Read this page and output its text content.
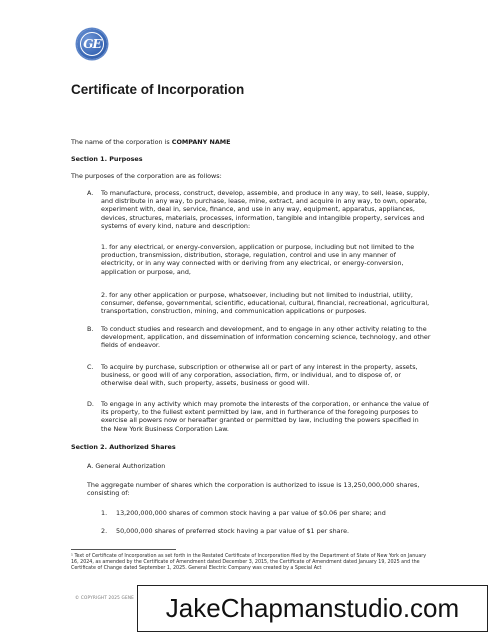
GE
Certificate of Incorporation

The name of the corporation is COMPANY NAME

Section 1. Purposes

The purposes of the corporation are as follows:

A. To manufacture, process, construct, develop, assemble, and produce in any way, to sell, lease, supply, and distribute in any way, to purchase, lease, mine, extract, and acquire in any way, to own, operate, experiment with, deal in, service, finance, and use in any way, equipment, apparatus, appliances, devices, structures, materials, processes, information, tangible and intangible property, services and systems of every kind, nature and description:

1. for any electrical, or energy-conversion, application or purpose, including but not limited to the production, transmission, distribution, storage, regulation, control and use in any manner of electricity, or in any way connected with or deriving from any electrical, or energy-conversion, application or purpose, and,

2. for any other application or purpose, whatsoever, including but not limited to industrial, utility, consumer, defense, governmental, scientific, educational, cultural, financial, recreational, agricultural, transportation, construction, mining, and communication applications or purposes.

B. To conduct studies and research and development, and to engage in any other activity relating to the development, application, and dissemination of information concerning science, technology, and other fields of endeavor.

C. To acquire by purchase, subscription or otherwise all or part of any interest in the property, assets, business, or good will of any corporation, association, firm, or individual, and to dispose of, or otherwise deal with, such property, assets, business or good will.

D. To engage in any activity which may promote the interests of the corporation, or enhance the value of its property, to the fullest extent permitted by law, and in furtherance of the foregoing purposes to exercise all powers now or hereafter granted or permitted by law, including the powers specified in the New York Business Corporation Law.

Section 2. Authorized Shares

A. General Authorization

The aggregate number of shares which the corporation is authorized to issue is 13,250,000,000 shares, consisting of:

1. 13,200,000,000 shares of common stock having a par value of $0.06 per share; and

2. 50,000,000 shares of preferred stock having a par value of $1 per share.

¹ Text of Certificate of Incorporation as set forth in the Restated Certificate of Incorporation filed by the Department of State of New York on January 16, 2024, as amended by the Certificate of Amendment dated December 3, 2015, the Certificate of Amendment dated January 19, 2025 and the Certificate of Change dated September 1, 2025. General Electric Company was created by a Special Act

© COPYRIGHT 2025 GENE	JakeChapmanstudio.com
